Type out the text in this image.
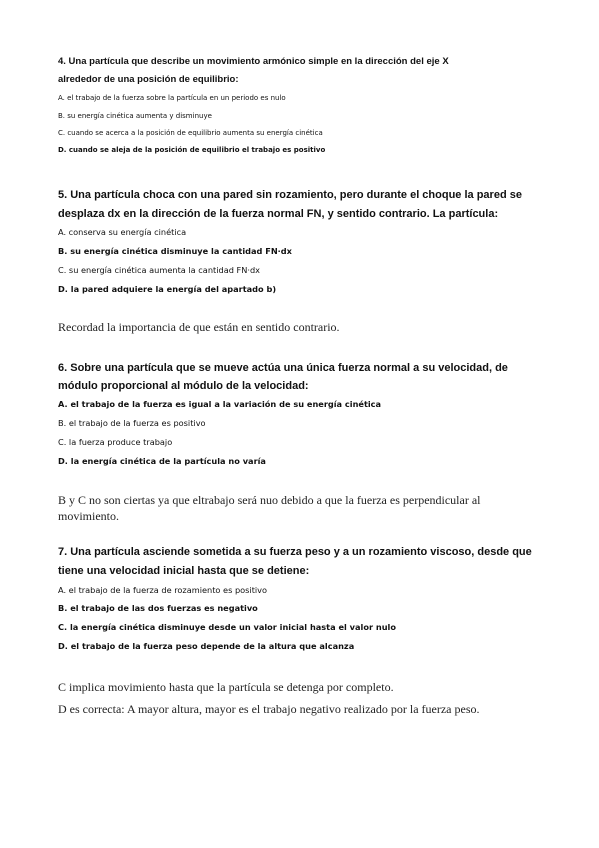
4. Una partícula que describe un movimiento armónico simple en la dirección del eje X
alrededor de una posición de equilibrio:
A. el trabajo de la fuerza sobre la partícula en un periodo es nulo
B. su energía cinética aumenta y disminuye
C. cuando se acerca a la posición de equilibrio aumenta su energía cinética
D. cuando se aleja de la posición de equilibrio el trabajo es positivo
5. Una partícula choca con una pared sin rozamiento, pero durante el choque la pared se
desplaza dx en la dirección de la fuerza normal FN, y sentido contrario. La partícula:
A. conserva su energía cinética
B. su energía cinética disminuye la cantidad FN·dx
C. su energía cinética aumenta la cantidad FN·dx
D. la pared adquiere la energía del apartado b)
Recordad la importancia de que están en sentido contrario.
6. Sobre una partícula que se mueve actúa una única fuerza normal a su velocidad, de
módulo proporcional al módulo de la velocidad:
A. el trabajo de la fuerza es igual a la variación de su energía cinética
B. el trabajo de la fuerza es positivo
C. la fuerza produce trabajo
D. la energía cinética de la partícula no varía
B y C no son ciertas ya que eltrabajo será nuo debido a que la fuerza es perpendicular al
movimiento.
7. Una partícula asciende sometida a su fuerza peso y a un rozamiento viscoso, desde que
tiene una velocidad inicial hasta que se detiene:
A. el trabajo de la fuerza de rozamiento es positivo
B. el trabajo de las dos fuerzas es negativo
C. la energía cinética disminuye desde un valor inicial hasta el valor nulo
D. el trabajo de la fuerza peso depende de la altura que alcanza
C implica movimiento hasta que la partícula se detenga por completo.
D es correcta: A mayor altura, mayor es el trabajo negativo realizado por la fuerza peso.
